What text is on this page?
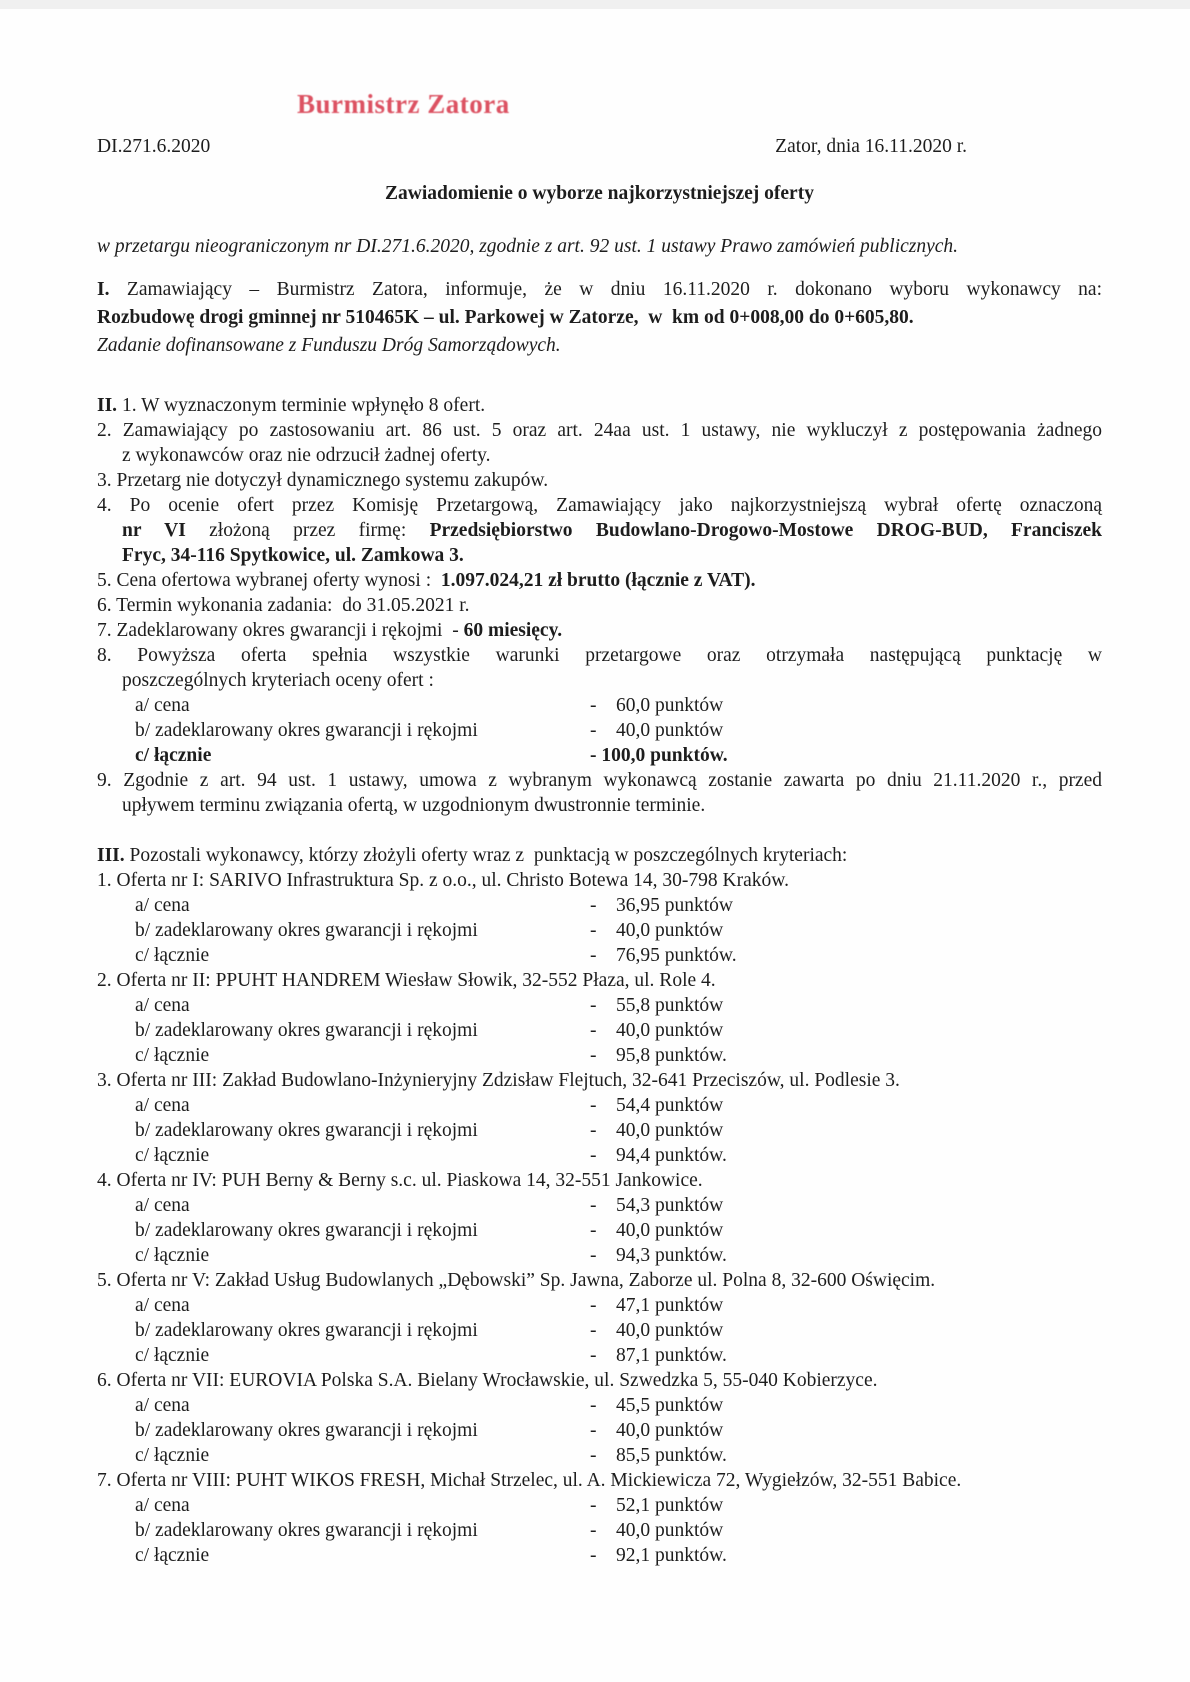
Burmistrz Zatora
DI.271.6.2020	Zator, dnia 16.11.2020 r.
Zawiadomienie o wyborze najkorzystniejszej oferty
w przetargu nieograniczonym nr DI.271.6.2020, zgodnie z art. 92 ust. 1 ustawy Prawo zamówień publicznych.
I. Zamawiający – Burmistrz Zatora, informuje, że w dniu 16.11.2020 r. dokonano wyboru wykonawcy na:
Rozbudowę drogi gminnej nr 510465K – ul. Parkowej w Zatorze,  w  km od 0+008,00 do 0+605,80.
Zadanie dofinansowane z Funduszu Dróg Samorządowych.
II. 1. W wyznaczonym terminie wpłynęło 8 ofert.
2. Zamawiający po zastosowaniu art. 86 ust. 5 oraz art. 24aa ust. 1 ustawy, nie wykluczył z postępowania żadnego
z wykonawców oraz nie odrzucił żadnej oferty.
3. Przetarg nie dotyczył dynamicznego systemu zakupów.
4. Po ocenie ofert przez Komisję Przetargową, Zamawiający jako najkorzystniejszą wybrał ofertę oznaczoną
nr VI złożoną przez firmę: Przedsiębiorstwo Budowlano-Drogowo-Mostowe DROG-BUD, Franciszek
Fryc, 34-116 Spytkowice, ul. Zamkowa 3.
5. Cena ofertowa wybranej oferty wynosi :  1.097.024,21 zł brutto (łącznie z VAT).
6. Termin wykonania zadania:  do 31.05.2021 r.
7. Zadeklarowany okres gwarancji i rękojmi  - 60 miesięcy.
8. Powyższa oferta spełnia wszystkie warunki przetargowe oraz otrzymała następującą punktację w
poszczególnych kryteriach oceny ofert :
a/ cena	-    60,0 punktów
b/ zadeklarowany okres gwarancji i rękojmi	-    40,0 punktów
c/ łącznie	- 100,0 punktów.
9. Zgodnie z art. 94 ust. 1 ustawy, umowa z wybranym wykonawcą zostanie zawarta po dniu 21.11.2020 r., przed
upływem terminu związania ofertą, w uzgodnionym dwustronnie terminie.
III. Pozostali wykonawcy, którzy złożyli oferty wraz z  punktacją w poszczególnych kryteriach:
1. Oferta nr I: SARIVO Infrastruktura Sp. z o.o., ul. Christo Botewa 14, 30-798 Kraków.
a/ cena	-    36,95 punktów
b/ zadeklarowany okres gwarancji i rękojmi	-    40,0 punktów
c/ łącznie	-    76,95 punktów.
2. Oferta nr II: PPUHT HANDREM Wiesław Słowik, 32-552 Płaza, ul. Role 4.
a/ cena	-    55,8 punktów
b/ zadeklarowany okres gwarancji i rękojmi	-    40,0 punktów
c/ łącznie	-    95,8 punktów.
3. Oferta nr III: Zakład Budowlano-Inżynieryjny Zdzisław Flejtuch, 32-641 Przeciszów, ul. Podlesie 3.
a/ cena	-    54,4 punktów
b/ zadeklarowany okres gwarancji i rękojmi	-    40,0 punktów
c/ łącznie	-    94,4 punktów.
4. Oferta nr IV: PUH Berny & Berny s.c. ul. Piaskowa 14, 32-551 Jankowice.
a/ cena	-    54,3 punktów
b/ zadeklarowany okres gwarancji i rękojmi	-    40,0 punktów
c/ łącznie	-    94,3 punktów.
5. Oferta nr V: Zakład Usług Budowlanych „Dębowski” Sp. Jawna, Zaborze ul. Polna 8, 32-600 Oświęcim.
a/ cena	-    47,1 punktów
b/ zadeklarowany okres gwarancji i rękojmi	-    40,0 punktów
c/ łącznie	-    87,1 punktów.
6. Oferta nr VII: EUROVIA Polska S.A. Bielany Wrocławskie, ul. Szwedzka 5, 55-040 Kobierzyce.
a/ cena	-    45,5 punktów
b/ zadeklarowany okres gwarancji i rękojmi	-    40,0 punktów
c/ łącznie	-    85,5 punktów.
7. Oferta nr VIII: PUHT WIKOS FRESH, Michał Strzelec, ul. A. Mickiewicza 72, Wygiełzów, 32-551 Babice.
a/ cena	-    52,1 punktów
b/ zadeklarowany okres gwarancji i rękojmi	-    40,0 punktów
c/ łącznie	-    92,1 punktów.
